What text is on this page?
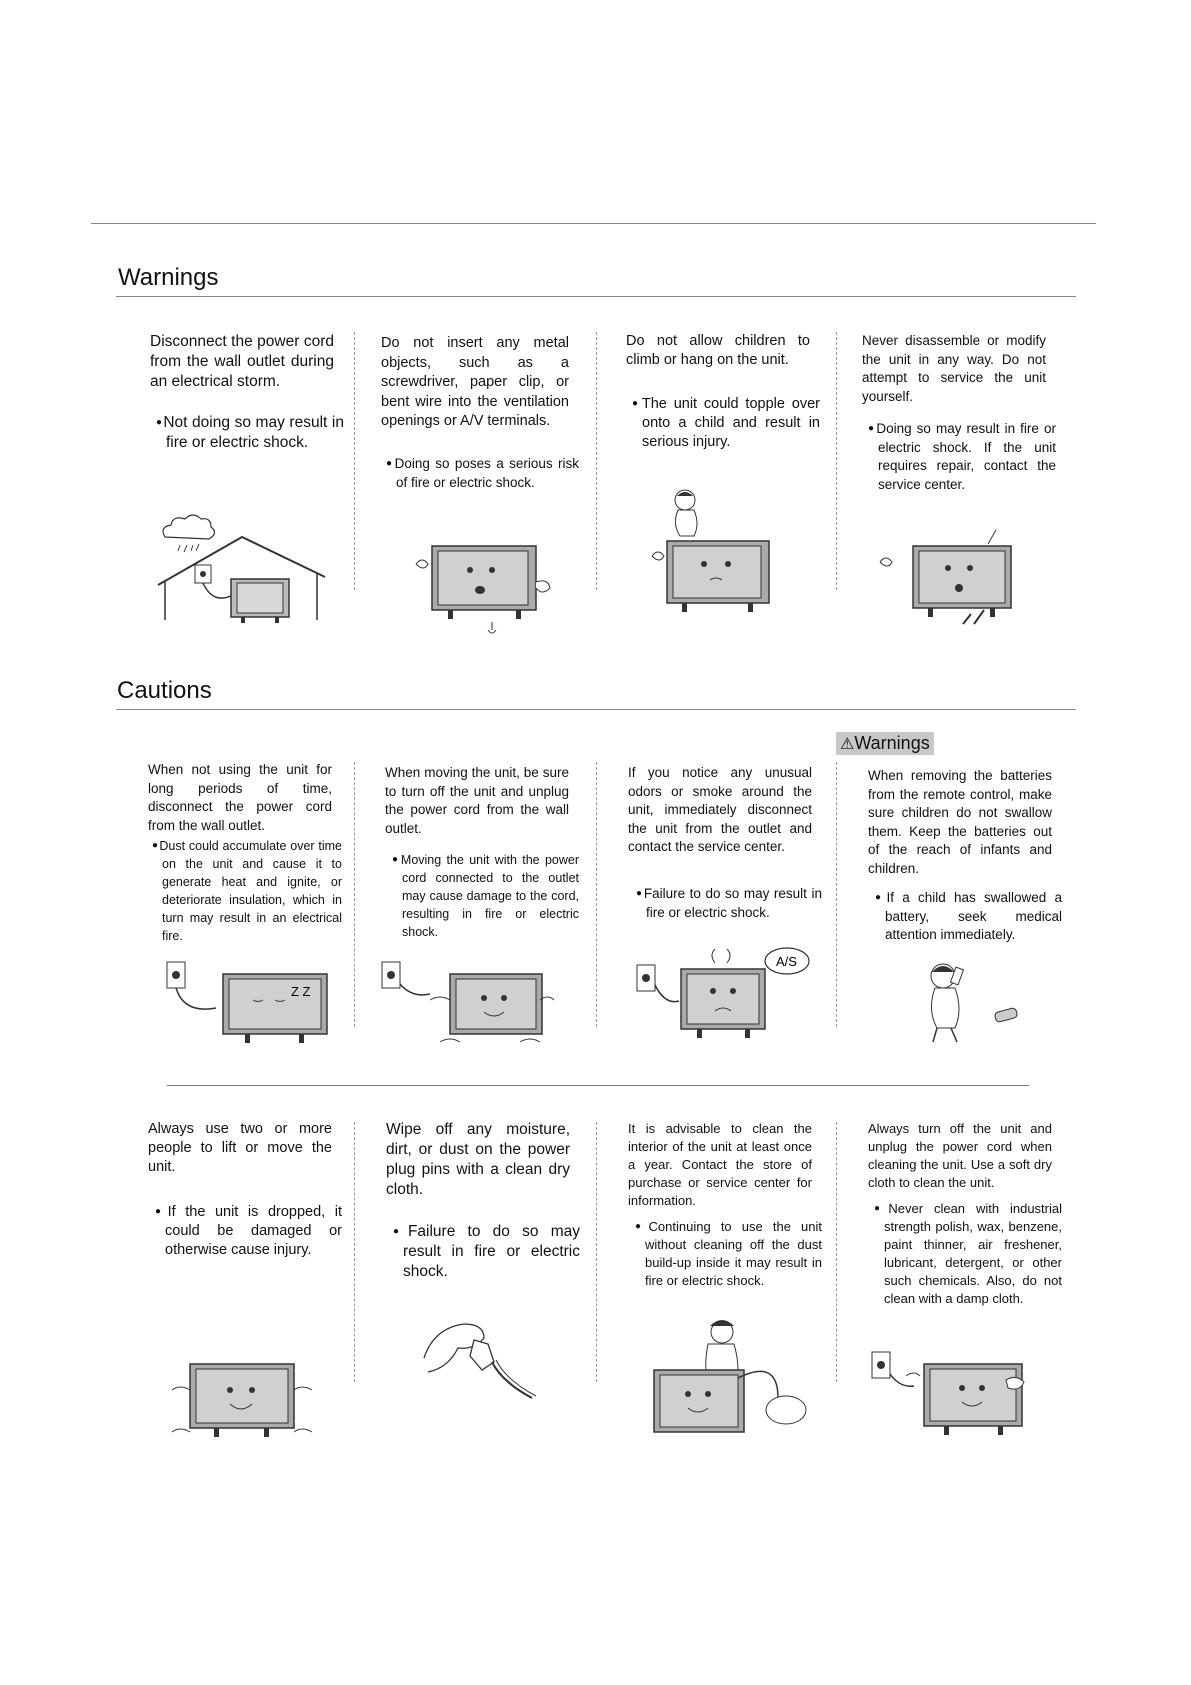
Warnings
Disconnect the power cord from the wall outlet during an electrical storm.
●Not doing so may result in fire or electric shock.
Do not insert any metal objects, such as a screwdriver, paper clip, or bent wire into the ventilation openings or A/V terminals.
●Doing so poses a serious risk of fire or electric shock.
Do not allow children to climb or hang on the unit.
●The unit could topple over onto a child and result in serious injury.
Never disassemble or modify the unit in any way. Do not attempt to service the unit yourself.
●Doing so may result in fire or electric shock. If the unit requires repair, contact the service center.
Cautions
⚠Warnings
When not using the unit for long periods of time, disconnect the power cord from the wall outlet.
●Dust could accumulate over time on the unit and cause it to generate heat and ignite, or deteriorate insulation, which in turn may result in an electrical fire.
When moving the unit, be sure to turn off the unit and unplug the power cord from the wall outlet.
●Moving the unit with the power cord connected to the outlet may cause damage to the cord, resulting in fire or electric shock.
If you notice any unusual odors or smoke around the unit, immediately disconnect the unit from the outlet and contact the service center.
●Failure to do so may result in fire or electric shock.
When removing the batteries from the remote control, make sure children do not swallow them. Keep the batteries out of the reach of infants and children.
●If a child has swallowed a battery, seek medical attention immediately.
Z Z
A/S
Always use two or more people to lift or move the unit.
●If the unit is dropped, it could be damaged or otherwise cause injury.
Wipe off any moisture, dirt, or dust on the power plug pins with a clean dry cloth.
●Failure to do so may result in fire or electric shock.
It is advisable to clean the interior of the unit at least once a year. Contact the store of purchase or service center for information.
●Continuing to use the unit without cleaning off the dust build-up inside it may result in fire or electric shock.
Always turn off the unit and unplug the power cord when cleaning the unit. Use a soft dry cloth to clean the unit.
●Never clean with industrial strength polish, wax, benzene, paint thinner, air freshener, lubricant, detergent, or other such chemicals. Also, do not clean with a damp cloth.
